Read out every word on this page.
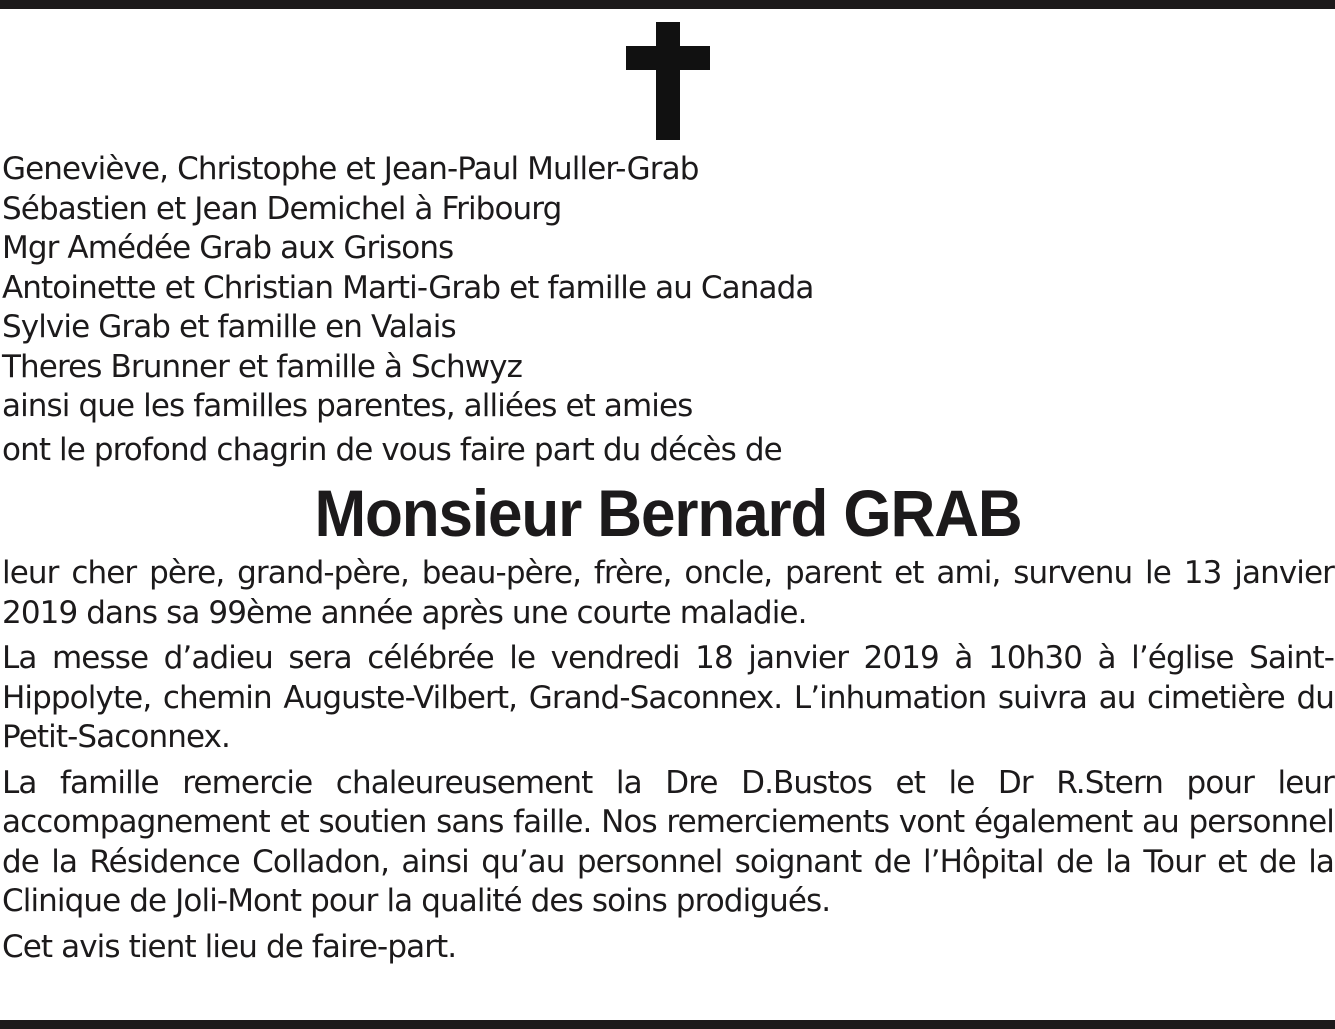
Geneviève, Christophe et Jean-Paul Muller-Grab
Sébastien et Jean Demichel à Fribourg
Mgr Amédée Grab aux Grisons
Antoinette et Christian Marti-Grab et famille au Canada
Sylvie Grab et famille en Valais
Theres Brunner et famille à Schwyz
ainsi que les familles parentes, alliées et amies
ont le profond chagrin de vous faire part du décès de
Monsieur Bernard GRAB
leur cher père, grand-père, beau-père, frère, oncle, parent et ami, survenu le 13 janvier 2019 dans sa 99ème année après une courte maladie.
La messe d’adieu sera célébrée le vendredi 18 janvier 2019 à 10h30 à l’église Saint-Hippolyte, chemin Auguste-Vilbert, Grand-Saconnex. L’inhumation suivra au cimetière du Petit-Saconnex.
La famille remercie chaleureusement la Dre D.Bustos et le Dr R.Stern pour leur accompagnement et soutien sans faille. Nos remerciements vont également au personnel de la Résidence Colladon, ainsi qu’au personnel soignant de l’Hôpital de la Tour et de la Clinique de Joli-Mont pour la qualité des soins prodigués.
Cet avis tient lieu de faire-part.
